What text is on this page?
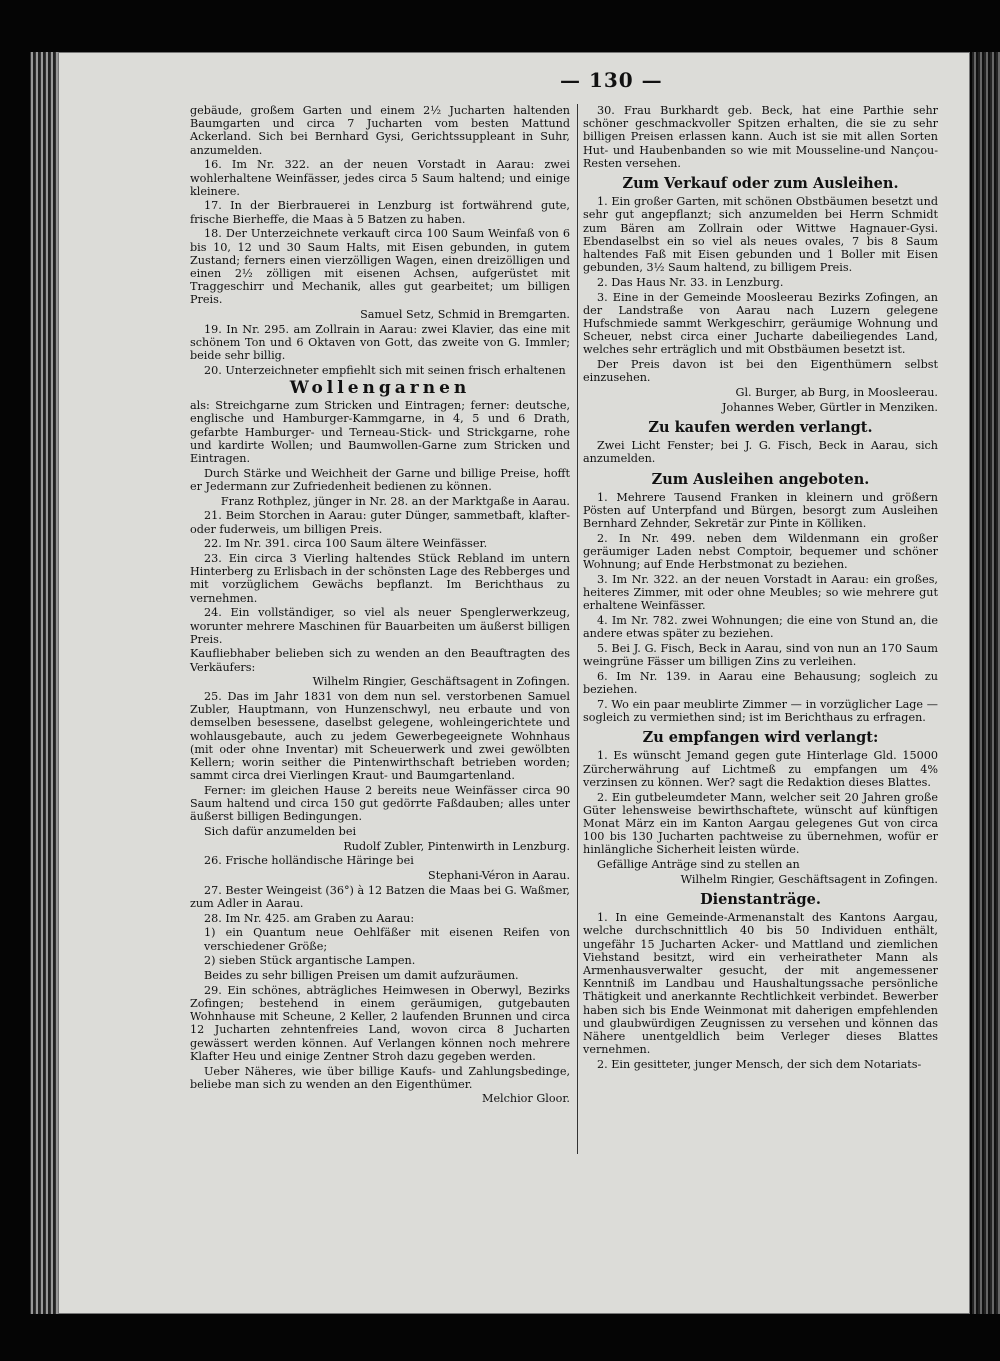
— 130 —
gebäude, großem Garten und einem 2½ Jucharten haltenden Baumgarten und circa 7 Jucharten vom besten Mattund Ackerland. Sich bei Bernhard Gysi, Gerichtssuppleant in Suhr, anzumelden.
16. Im Nr. 322. an der neuen Vorstadt in Aarau: zwei wohlerhaltene Weinfässer, jedes circa 5 Saum haltend; und einige kleinere.
17. In der Bierbrauerei in Lenzburg ist fortwährend gute, frische Bierheffe, die Maas à 5 Batzen zu haben.
18. Der Unterzeichnete verkauft circa 100 Saum Weinfaß von 6 bis 10, 12 und 30 Saum Halts, mit Eisen gebunden, in gutem Zustand; ferners einen vierzölligen Wagen, einen dreizölligen und einen 2½ zölligen mit eisenen Achsen, aufgerüstet mit Traggeschirr und Mechanik, alles gut gearbeitet; um billigen Preis.
Samuel Setz, Schmid in Bremgarten.
19. In Nr. 295. am Zollrain in Aarau: zwei Klavier, das eine mit schönem Ton und 6 Oktaven von Gott, das zweite von G. Immler; beide sehr billig.
20. Unterzeichneter empfiehlt sich mit seinen frisch erhaltenen
Wollengarnen
als: Streichgarne zum Stricken und Eintragen; ferner: deutsche, englische und Hamburger-Kammgarne, in 4, 5 und 6 Drath, gefarbte Hamburger- und Terneau-Stick- und Strickgarne, rohe und kardirte Wollen; und Baumwollen-Garne zum Stricken und Eintragen.
Durch Stärke und Weichheit der Garne und billige Preise, hofft er Jedermann zur Zufriedenheit bedienen zu können.
Franz Rothplez, jünger in Nr. 28. an der Marktgaße in Aarau.
21. Beim Storchen in Aarau: guter Dünger, sammetbaft, klafter- oder fuderweis, um billigen Preis.
22. Im Nr. 391. circa 100 Saum ältere Weinfässer.
23. Ein circa 3 Vierling haltendes Stück Rebland im untern Hinterberg zu Erlisbach in der schönsten Lage des Rebberges und mit vorzüglichem Gewächs bepflanzt. Im Berichthaus zu vernehmen.
24. Ein vollständiger, so viel als neuer Spenglerwerkzeug, worunter mehrere Maschinen für Bauarbeiten um äußerst billigen Preis.
Kaufliebhaber belieben sich zu wenden an den Beauftragten des Verkäufers:
Wilhelm Ringier, Geschäftsagent in Zofingen.
25. Das im Jahr 1831 von dem nun sel. verstorbenen Samuel Zubler, Hauptmann, von Hunzenschwyl, neu erbaute und von demselben besessene, daselbst gelegene, wohleingerichtete und wohlausgebaute, auch zu jedem Gewerbegeeignete Wohnhaus (mit oder ohne Inventar) mit Scheuerwerk und zwei gewölbten Kellern; worin seither die Pintenwirthschaft betrieben worden; sammt circa drei Vierlingen Kraut- und Baumgartenland.
Ferner: im gleichen Hause 2 bereits neue Weinfässer circa 90 Saum haltend und circa 150 gut gedörrte Faßdauben; alles unter äußerst billigen Bedingungen.
Sich dafür anzumelden bei
Rudolf Zubler, Pintenwirth in Lenzburg.
26. Frische holländische Häringe bei
Stephani-Véron in Aarau.
27. Bester Weingeist (36°) à 12 Batzen die Maas bei G. Waßmer, zum Adler in Aarau.
28. Im Nr. 425. am Graben zu Aarau:
1) ein Quantum neue Oehlfäßer mit eisenen Reifen von verschiedener Größe;
2) sieben Stück argantische Lampen.
Beides zu sehr billigen Preisen um damit aufzuräumen.
29. Ein schönes, abträgliches Heimwesen in Oberwyl, Bezirks Zofingen; bestehend in einem geräumigen, gutgebauten Wohnhause mit Scheune, 2 Keller, 2 laufenden Brunnen und circa 12 Jucharten zehntenfreies Land, wovon circa 8 Jucharten gewässert werden können. Auf Verlangen können noch mehrere Klafter Heu und einige Zentner Stroh dazu gegeben werden.
Ueber Näheres, wie über billige Kaufs- und Zahlungsbedinge, beliebe man sich zu wenden an den Eigenthümer.
Melchior Gloor.
30. Frau Burkhardt geb. Beck, hat eine Parthie sehr schöner geschmackvoller Spitzen erhalten, die sie zu sehr billigen Preisen erlassen kann. Auch ist sie mit allen Sorten Hut- und Haubenbanden so wie mit Mousseline-und Nançou-Resten versehen.
Zum Verkauf oder zum Ausleihen.
1. Ein großer Garten, mit schönen Obstbäumen besetzt und sehr gut angepflanzt; sich anzumelden bei Herrn Schmidt zum Bären am Zollrain oder Wittwe Hagnauer-Gysi. Ebendaselbst ein so viel als neues ovales, 7 bis 8 Saum haltendes Faß mit Eisen gebunden und 1 Boller mit Eisen gebunden, 3½ Saum haltend, zu billigem Preis.
2. Das Haus Nr. 33. in Lenzburg.
3. Eine in der Gemeinde Moosleerau Bezirks Zofingen, an der Landstraße von Aarau nach Luzern gelegene Hufschmiede sammt Werkgeschirr, geräumige Wohnung und Scheuer, nebst circa einer Jucharte dabeiliegendes Land, welches sehr erträglich und mit Obstbäumen besetzt ist.
Der Preis davon ist bei den Eigenthümern selbst einzusehen.
Gl. Burger, ab Burg, in Moosleerau.
Johannes Weber, Gürtler in Menziken.
Zu kaufen werden verlangt.
Zwei Licht Fenster; bei J. G. Fisch, Beck in Aarau, sich anzumelden.
Zum Ausleihen angeboten.
1. Mehrere Tausend Franken in kleinern und größern Pösten auf Unterpfand und Bürgen, besorgt zum Ausleihen Bernhard Zehnder, Sekretär zur Pinte in Kölliken.
2. In Nr. 499. neben dem Wildenmann ein großer geräumiger Laden nebst Comptoir, bequemer und schöner Wohnung; auf Ende Herbstmonat zu beziehen.
3. Im Nr. 322. an der neuen Vorstadt in Aarau: ein großes, heiteres Zimmer, mit oder ohne Meubles; so wie mehrere gut erhaltene Weinfässer.
4. Im Nr. 782. zwei Wohnungen; die eine von Stund an, die andere etwas später zu beziehen.
5. Bei J. G. Fisch, Beck in Aarau, sind von nun an 170 Saum weingrüne Fässer um billigen Zins zu verleihen.
6. Im Nr. 139. in Aarau eine Behausung; sogleich zu beziehen.
7. Wo ein paar meublirte Zimmer — in vorzüglicher Lage — sogleich zu vermiethen sind; ist im Berichthaus zu erfragen.
Zu empfangen wird verlangt:
1. Es wünscht Jemand gegen gute Hinterlage Gld. 15000 Zürcherwährung auf Lichtmeß zu empfangen um 4% verzinsen zu können. Wer? sagt die Redaktion dieses Blattes.
2. Ein gutbeleumdeter Mann, welcher seit 20 Jahren große Güter lehensweise bewirthschaftete, wünscht auf künftigen Monat März ein im Kanton Aargau gelegenes Gut von circa 100 bis 130 Jucharten pachtweise zu übernehmen, wofür er hinlängliche Sicherheit leisten würde.
Gefällige Anträge sind zu stellen an
Wilhelm Ringier, Geschäftsagent in Zofingen.
Dienstanträge.
1. In eine Gemeinde-Armenanstalt des Kantons Aargau, welche durchschnittlich 40 bis 50 Individuen enthält, ungefähr 15 Jucharten Acker- und Mattland und ziemlichen Viehstand besitzt, wird ein verheiratheter Mann als Armenhausverwalter gesucht, der mit angemessener Kenntniß im Landbau und Haushaltungssache persönliche Thätigkeit und anerkannte Rechtlichkeit verbindet. Bewerber haben sich bis Ende Weinmonat mit daherigen empfehlenden und glaubwürdigen Zeugnissen zu versehen und können das Nähere unentgeldlich beim Verleger dieses Blattes vernehmen.
2. Ein gesitteter, junger Mensch, der sich dem Notariats-
